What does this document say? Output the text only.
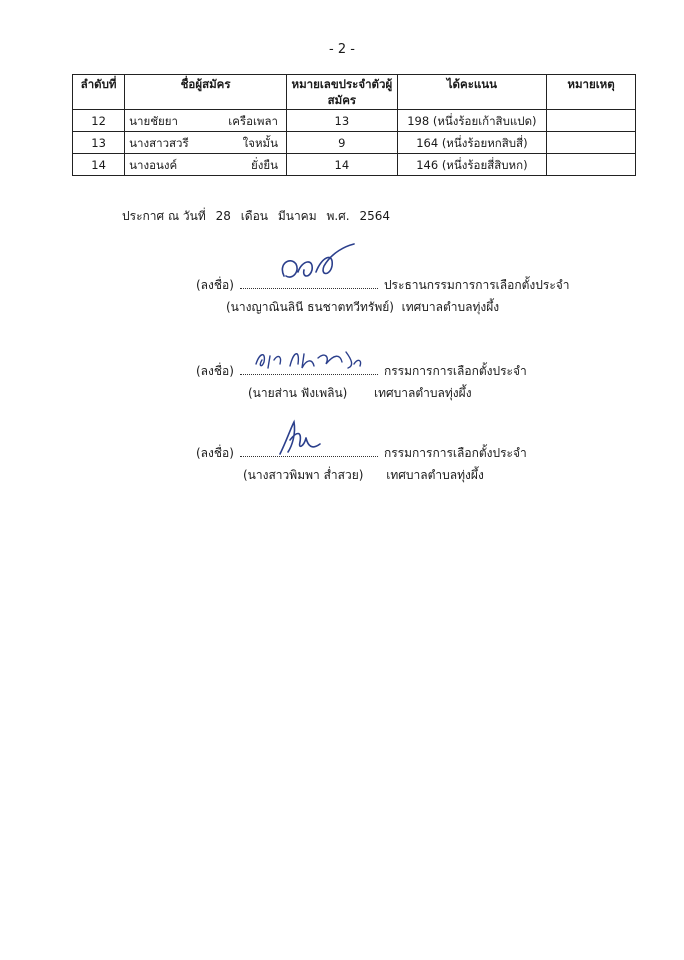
- 2 -
ลำดับที่	ชื่อผู้สมัคร	หมายเลขประจำตัวผู้สมัคร	ได้คะแนน	หมายเหตุ
12	นายชัยยา เครือเพลา	13	198 (หนึ่งร้อยเก้าสิบแปด)	
13	นางสาวสวรี ใจหมั้น	9	164 (หนึ่งร้อยหกสิบสี่)	
14	นางอนงค์ ยั่งยืน	14	146 (หนึ่งร้อยสี่สิบหก)	
ประกาศ ณ วันที่ 28 เดือน มีนาคม พ.ศ. 2564
(ลงชื่อ)	ประธานกรรมการการเลือกตั้งประจำ
(นางญาณินลินี ธนชาตทวีทรัพย์) เทศบาลตำบลทุ่งผึ้ง
(ลงชื่อ)	กรรมการการเลือกตั้งประจำ
(นายส่าน ฟังเพลิน) เทศบาลตำบลทุ่งผึ้ง
(ลงชื่อ)	กรรมการการเลือกตั้งประจำ
(นางสาวพิมพา ส่ำสวย) เทศบาลตำบลทุ่งผึ้ง
